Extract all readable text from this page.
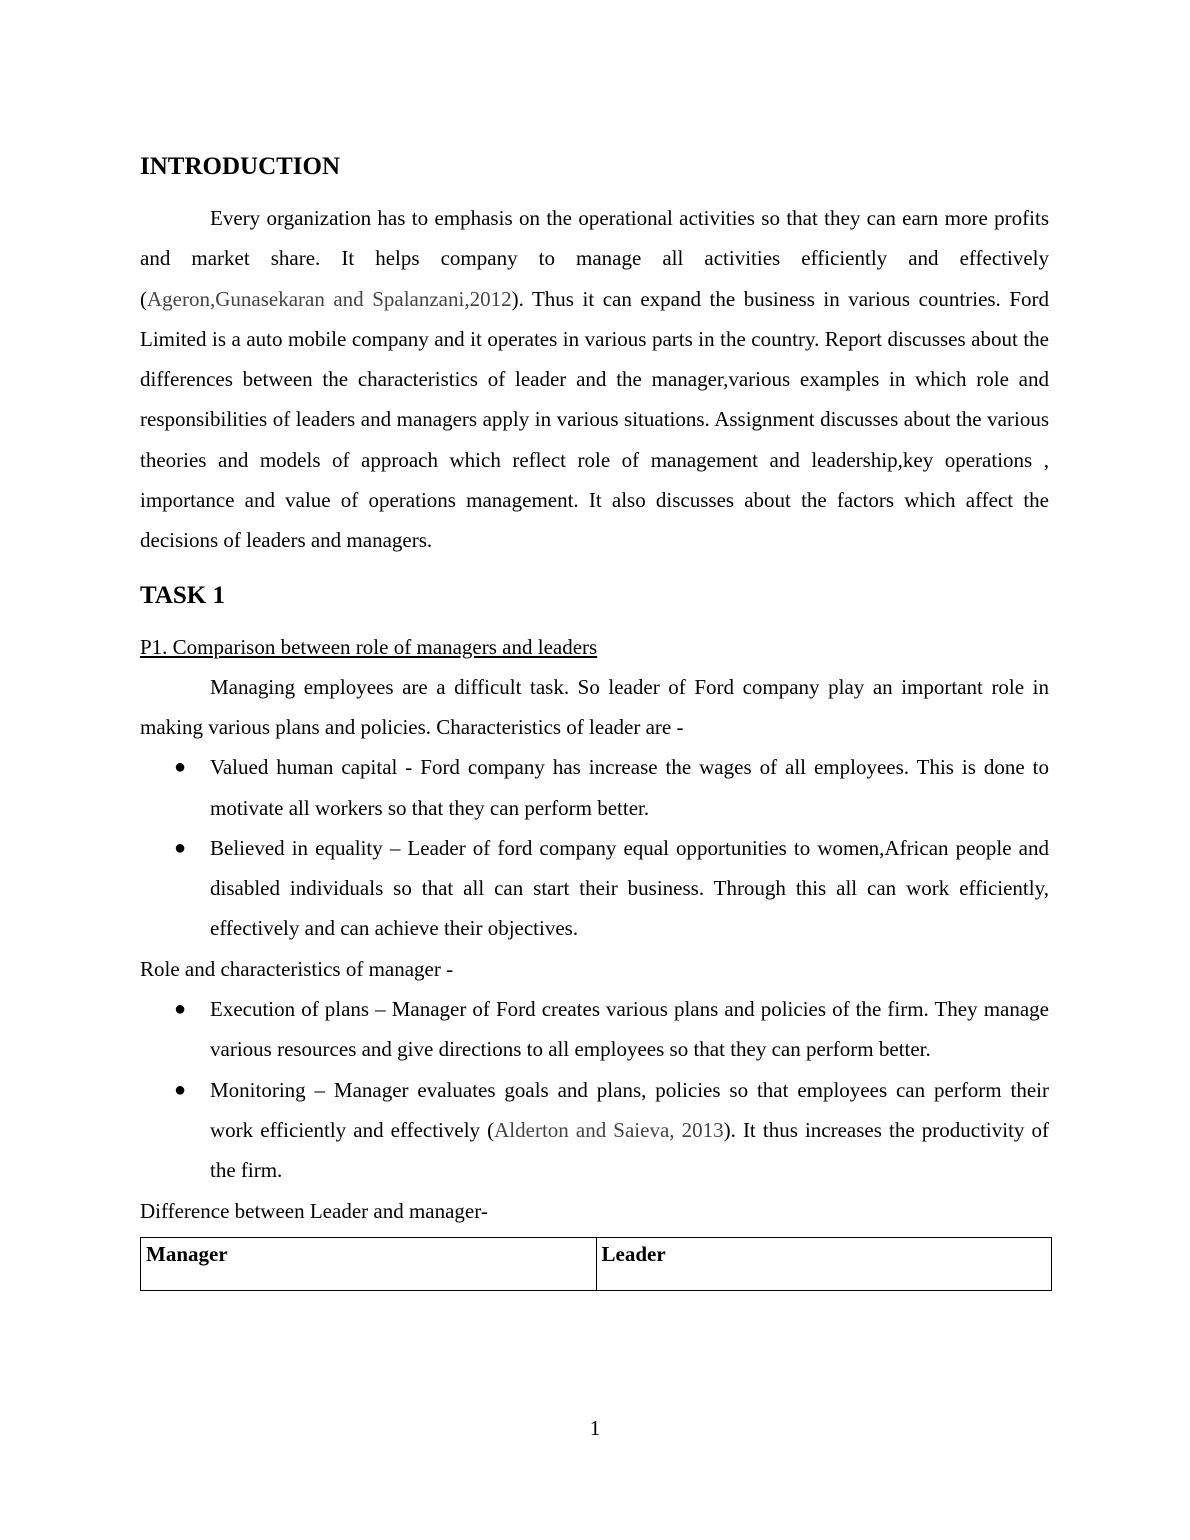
INTRODUCTION

Every organization has to emphasis on the operational activities so that they can earn more profits and market share. It helps company to manage all activities efficiently and effectively (Ageron,Gunasekaran and Spalanzani,2012). Thus it can expand the business in various countries. Ford Limited is a auto mobile company and it operates in various parts in the country. Report discusses about the differences between the characteristics of leader and the manager,various examples in which role and responsibilities of leaders and managers apply in various situations. Assignment discusses about the various theories and models of approach which reflect role of management and leadership,key operations , importance and value of operations management. It also discusses about the factors which affect the decisions of leaders and managers.

TASK 1

P1. Comparison between role of managers and leaders

Managing employees are a difficult task. So leader of Ford company play an important role in making various plans and policies. Characteristics of leader are -

● Valued human capital - Ford company has increase the wages of all employees. This is done to motivate all workers so that they can perform better.
● Believed in equality – Leader of ford company equal opportunities to women,African people and disabled individuals so that all can start their business. Through this all can work efficiently, effectively and can achieve their objectives.

Role and characteristics of manager -

● Execution of plans – Manager of Ford creates various plans and policies of the firm. They manage various resources and give directions to all employees so that they can perform better.
● Monitoring – Manager evaluates goals and plans, policies so that employees can perform their work efficiently and effectively (Alderton and Saieva, 2013). It thus increases the productivity of the firm.

Difference between Leader and manager-

Manager	Leader
1
